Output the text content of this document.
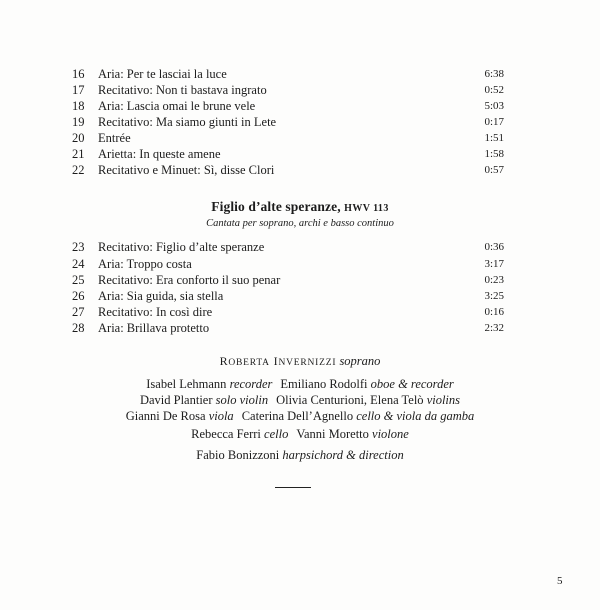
16 Aria: Per te lasciai la luce	6:38
17 Recitativo: Non ti bastava ingrato	0:52
18 Aria: Lascia omai le brune vele	5:03
19 Recitativo: Ma siamo giunti in Lete	0:17
20 Entrée	1:51
21 Arietta: In queste amene	1:58
22 Recitativo e Minuet: Sì, disse Clori	0:57
Figlio d’alte speranze, HWV 113
Cantata per soprano, archi e basso continuo
23 Recitativo: Figlio d’alte speranze	0:36
24 Aria: Troppo costa	3:17
25 Recitativo: Era conforto il suo penar	0:23
26 Aria: Sia guida, sia stella	3:25
27 Recitativo: In così dire	0:16
28 Aria: Brillava protetto	2:32
ROBERTA INVERNIZZI soprano
Isabel Lehmann recorder Emiliano Rodolfi oboe & recorder
David Plantier solo violin Olivia Centurioni, Elena Telò violins
Gianni De Rosa viola Caterina Dell’Agnello cello & viola da gamba
Rebecca Ferri cello Vanni Moretto violone
Fabio Bonizzoni harpsichord & direction
5
